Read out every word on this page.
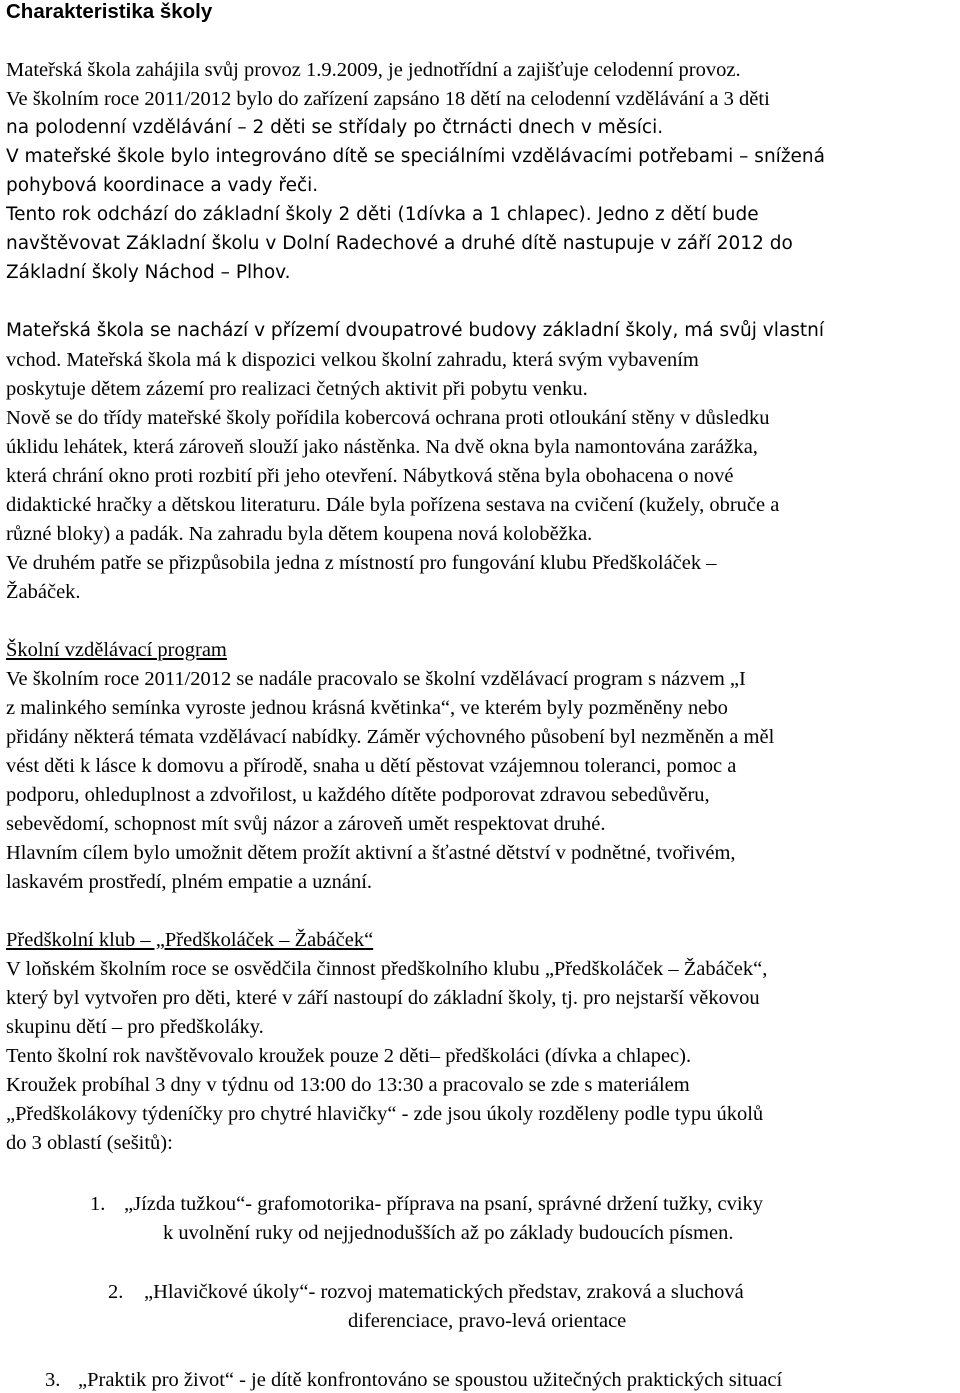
Charakteristika školy
Mateřská škola zahájila svůj provoz 1.9.2009, je jednotřídní a zajišťuje celodenní provoz.
Ve školním roce 2011/2012 bylo do zařízení zapsáno 18 dětí na celodenní vzdělávání a 3 děti
na polodenní vzdělávání – 2 děti se střídaly po čtrnácti dnech v měsíci.
V mateřské škole bylo integrováno dítě se speciálními vzdělávacími potřebami – snížená
pohybová koordinace a vady řeči.
Tento rok odchází do základní školy 2 děti (1dívka a 1 chlapec). Jedno z dětí bude
navštěvovat Základní školu v Dolní Radechové a druhé dítě nastupuje v září 2012 do
Základní školy Náchod – Plhov.
Mateřská škola se nachází v přízemí dvoupatrové budovy základní školy, má svůj vlastní
vchod. Mateřská škola má k dispozici velkou školní zahradu, která svým vybavením
poskytuje dětem zázemí pro realizaci četných aktivit při pobytu venku.
Nově se do třídy mateřské školy pořídila kobercová ochrana proti otloukání stěny v důsledku
úklidu lehátek, která zároveň slouží jako nástěnka. Na dvě okna byla namontována zarážka,
která chrání okno proti rozbití při jeho otevření. Nábytková stěna byla obohacena o nové
didaktické hračky a dětskou literaturu. Dále byla pořízena sestava na cvičení (kužely, obruče a
různé bloky) a padák. Na zahradu byla dětem koupena nová koloběžka.
Ve druhém patře se přizpůsobila jedna z místností pro fungování klubu Předškoláček –
Žabáček.
Školní vzdělávací program
Ve školním roce 2011/2012 se nadále pracovalo se školní vzdělávací program s názvem „I
z malinkého semínka vyroste jednou krásná květinka“, ve kterém byly pozměněny nebo
přidány některá témata vzdělávací nabídky. Záměr výchovného působení byl nezměněn a měl
vést děti k lásce k domovu a přírodě, snaha u dětí pěstovat vzájemnou toleranci, pomoc a
podporu, ohleduplnost a zdvořilost, u každého dítěte podporovat zdravou sebedůvěru,
sebevědomí, schopnost mít svůj názor a zároveň umět respektovat druhé.
Hlavním cílem bylo umožnit dětem prožít aktivní a šťastné dětství v podnětné, tvořivém,
laskavém prostředí, plném empatie a uznání.
Předškolní klub – „Předškoláček – Žabáček“
V loňském školním roce se osvědčila činnost předškolního klubu „Předškoláček – Žabáček“,
který byl vytvořen pro děti, které v září nastoupí do základní školy, tj. pro nejstarší věkovou
skupinu dětí – pro předškoláky.
Tento školní rok navštěvovalo kroužek pouze 2 děti– předškoláci (dívka a chlapec).
Kroužek probíhal 3 dny v týdnu od 13:00 do 13:30 a pracovalo se zde s materiálem
„Předškolákovy týdeníčky pro chytré hlavičky“ - zde jsou úkoly rozděleny podle typu úkolů
do 3 oblastí (sešitů):
1. „Jízda tužkou“- grafomotorika- příprava na psaní, správné držení tužky, cviky
k uvolnění ruky od nejjednodušších až po základy budoucích písmen.
2. „Hlavičkové úkoly“- rozvoj matematických představ, zraková a sluchová
diferenciace, pravo-levá orientace
3. „Praktik pro život“ - je dítě konfrontováno se spoustou užitečných praktických situací
